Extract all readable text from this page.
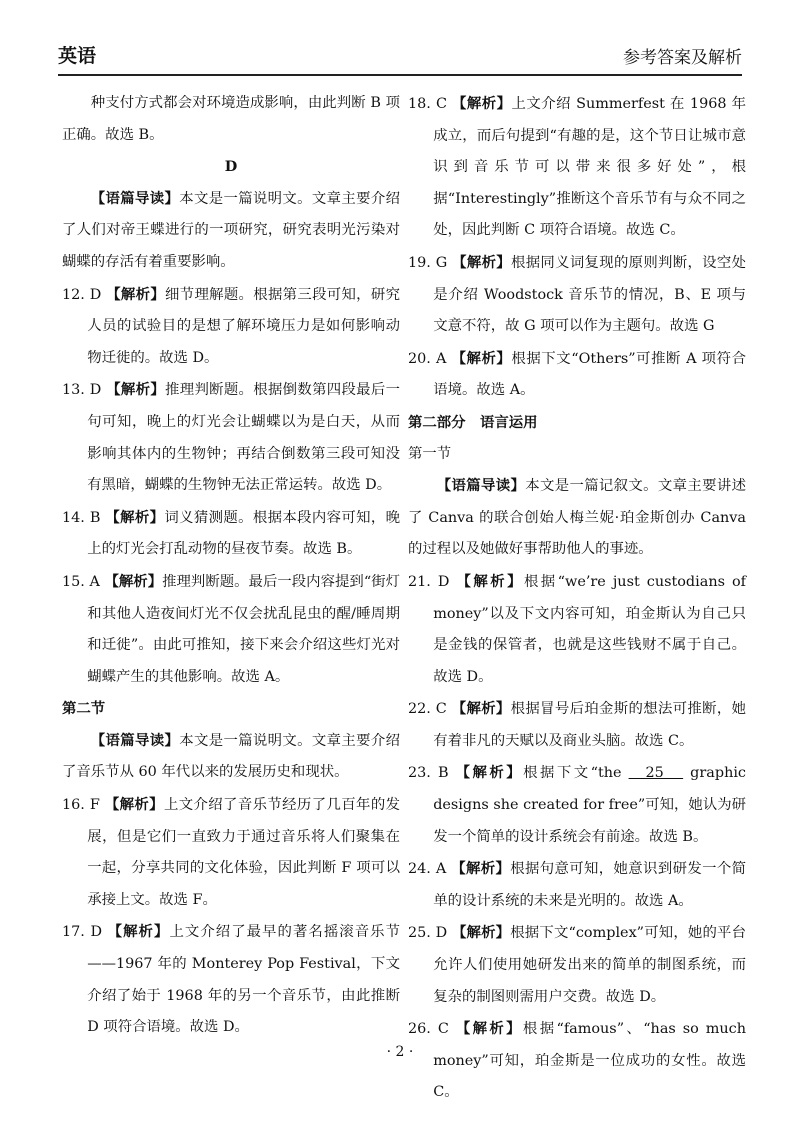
英语	参考答案及解析

种支付方式都会对环境造成影响，由此判断 B 项正确。故选 B。

D

【语篇导读】本文是一篇说明文。文章主要介绍了人们对帝王蝶进行的一项研究，研究表明光污染对蝴蝶的存活有着重要影响。

12. D 【解析】细节理解题。根据第三段可知，研究人员的试验目的是想了解环境压力是如何影响动物迁徙的。故选 D。

13. D 【解析】推理判断题。根据倒数第四段最后一句可知，晚上的灯光会让蝴蝶以为是白天，从而影响其体内的生物钟；再结合倒数第三段可知没有黑暗，蝴蝶的生物钟无法正常运转。故选 D。

14. B 【解析】词义猜测题。根据本段内容可知，晚上的灯光会打乱动物的昼夜节奏。故选 B。

15. A 【解析】推理判断题。最后一段内容提到“街灯和其他人造夜间灯光不仅会扰乱昆虫的醒/睡周期和迁徙”。由此可推知，接下来会介绍这些灯光对蝴蝶产生的其他影响。故选 A。

第二节

【语篇导读】本文是一篇说明文。文章主要介绍了音乐节从 60 年代以来的发展历史和现状。

16. F 【解析】上文介绍了音乐节经历了几百年的发展，但是它们一直致力于通过音乐将人们聚集在一起，分享共同的文化体验，因此判断 F 项可以承接上文。故选 F。

17. D 【解析】上文介绍了最早的著名摇滚音乐节——1967 年的 Monterey Pop Festival，下文介绍了始于 1968 年的另一个音乐节，由此推断 D 项符合语境。故选 D。

18. C 【解析】上文介绍 Summerfest 在 1968 年成立，而后句提到“有趣的是，这个节日让城市意识到音乐节可以带来很多好处”，根据“Interestingly”推断这个音乐节有与众不同之处，因此判断 C 项符合语境。故选 C。

19. G 【解析】根据同义词复现的原则判断，设空处是介绍 Woodstock 音乐节的情况，B、E 项与文意不符，故 G 项可以作为主题句。故选 G

20. A 【解析】根据下文“Others”可推断 A 项符合语境。故选 A。

第二部分　语言运用

第一节

【语篇导读】本文是一篇记叙文。文章主要讲述了 Canva 的联合创始人梅兰妮·珀金斯创办 Canva 的过程以及她做好事帮助他人的事迹。

21. D 【解析】根据“we’re just custodians of money”以及下文内容可知，珀金斯认为自己只是金钱的保管者，也就是这些钱财不属于自己。故选 D。

22. C 【解析】根据冒号后珀金斯的想法可推断，她有着非凡的天赋以及商业头脑。故选 C。

23. B 【解析】根据下文“the 　25　 graphic designs she created for free”可知，她认为研发一个简单的设计系统会有前途。故选 B。

24. A 【解析】根据句意可知，她意识到研发一个简单的设计系统的未来是光明的。故选 A。

25. D 【解析】根据下文“complex”可知，她的平台允许人们使用她研发出来的简单的制图系统，而复杂的制图则需用户交费。故选 D。

26. C 【解析】根据“famous”、“has so much money”可知，珀金斯是一位成功的女性。故选 C。

· 2 ·
